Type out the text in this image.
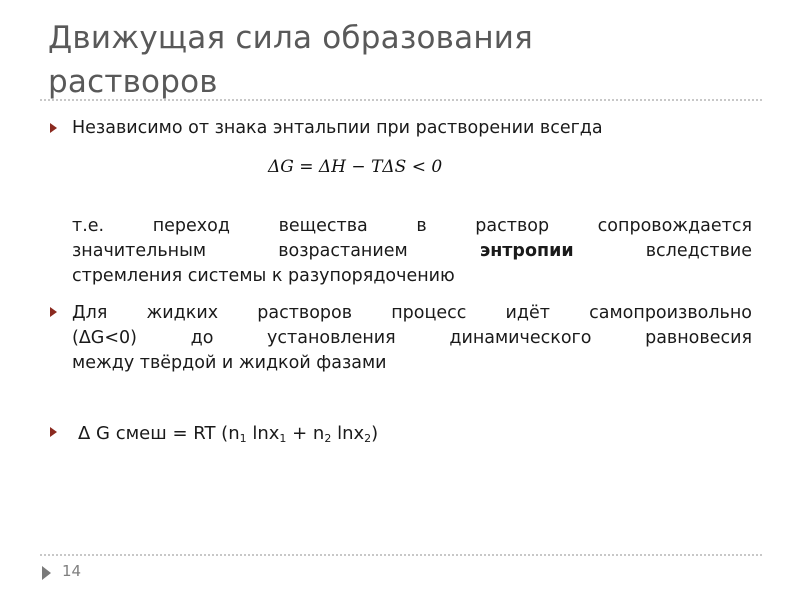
Движущая сила образования
растворов
Независимо от знака энтальпии при растворении всегда
ΔG = ΔH − TΔS < 0
т.е. переход вещества в раствор сопровождается
значительным возрастанием	энтропии	вследствие
стремления системы к разупорядочению
Для жидких растворов процесс идёт самопроизвольно
(ΔG<0) до установления динамического равновесия
между твёрдой и жидкой фазами
Δ G смеш = RT ($n_1$ $\ln x_1 + n_2$ lnx$_2$)
14
